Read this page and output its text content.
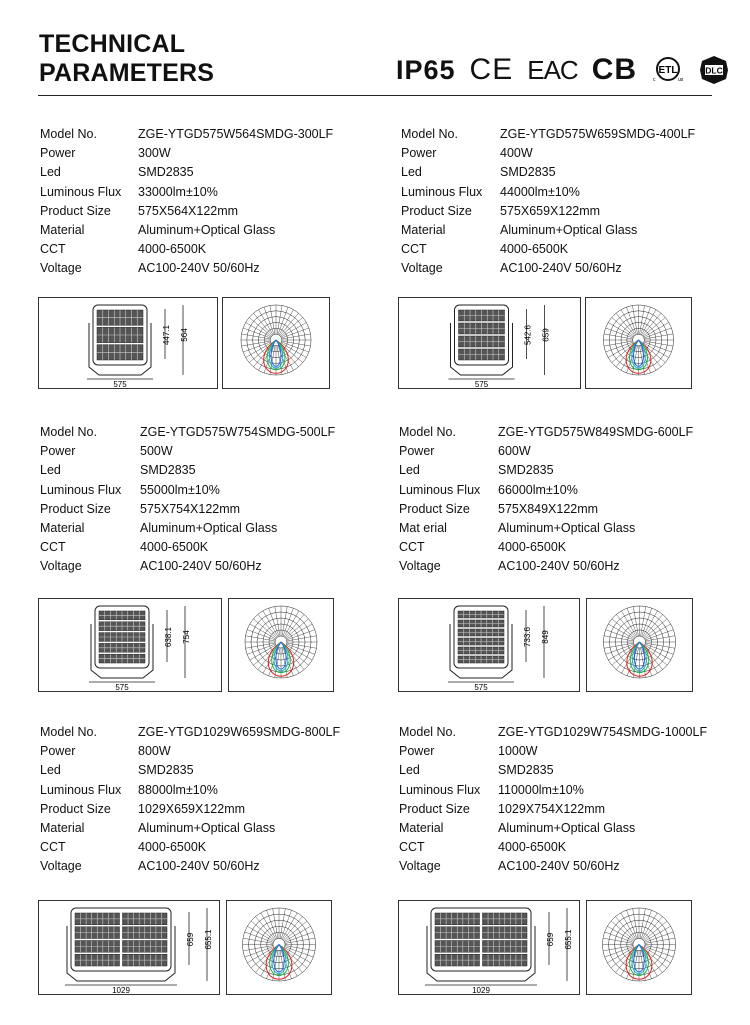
TECHNICAL
PARAMETERS	IP65 CE EAC CB ETL
c	us
DLC
Model No.	ZGE-YTGD575W564SMDG-300LF
Power	300W
Led	SMD2835
Luminous Flux	33000lm±10%
Product Size	575X564X122mm
Material	Aluminum+Optical Glass
CCT	4000-6500K
Voltage	AC100-240V 50/60Hz
575
447.1 564
Model No.	ZGE-YTGD575W659SMDG-400LF
Power	400W
Led	SMD2835
Luminous Flux	44000lm±10%
Product Size	575X659X122mm
Material	Aluminum+Optical Glass
CCT	4000-6500K
Voltage	AC100-240V 50/60Hz
575
542.6 659
Model No.	ZGE-YTGD575W754SMDG-500LF
Power	500W
Led	SMD2835
Luminous Flux	55000lm±10%
Product Size	575X754X122mm
Material	Aluminum+Optical Glass
CCT	4000-6500K
Voltage	AC100-240V 50/60Hz
575
638.1 754
Model No.	ZGE-YTGD575W849SMDG-600LF
Power	600W
Led	SMD2835
Luminous Flux	66000lm±10%
Product Size	575X849X122mm
Mat erial	Aluminum+Optical Glass
CCT	4000-6500K
Voltage	AC100-240V 50/60Hz
575
733.6 849
Model No.	ZGE-YTGD1029W659SMDG-800LF
Power	800W
Led	SMD2835
Luminous Flux	88000lm±10%
Product Size	1029X659X122mm
Material	Aluminum+Optical Glass
CCT	4000-6500K
Voltage	AC100-240V 50/60Hz
1029
659 655.1
Model No.	ZGE-YTGD1029W754SMDG-1000LF
Power	1000W
Led	SMD2835
Luminous Flux	110000lm±10%
Product Size	1029X754X122mm
Material	Aluminum+Optical Glass
CCT	4000-6500K
Voltage	AC100-240V 50/60Hz
1029
659 655.1
